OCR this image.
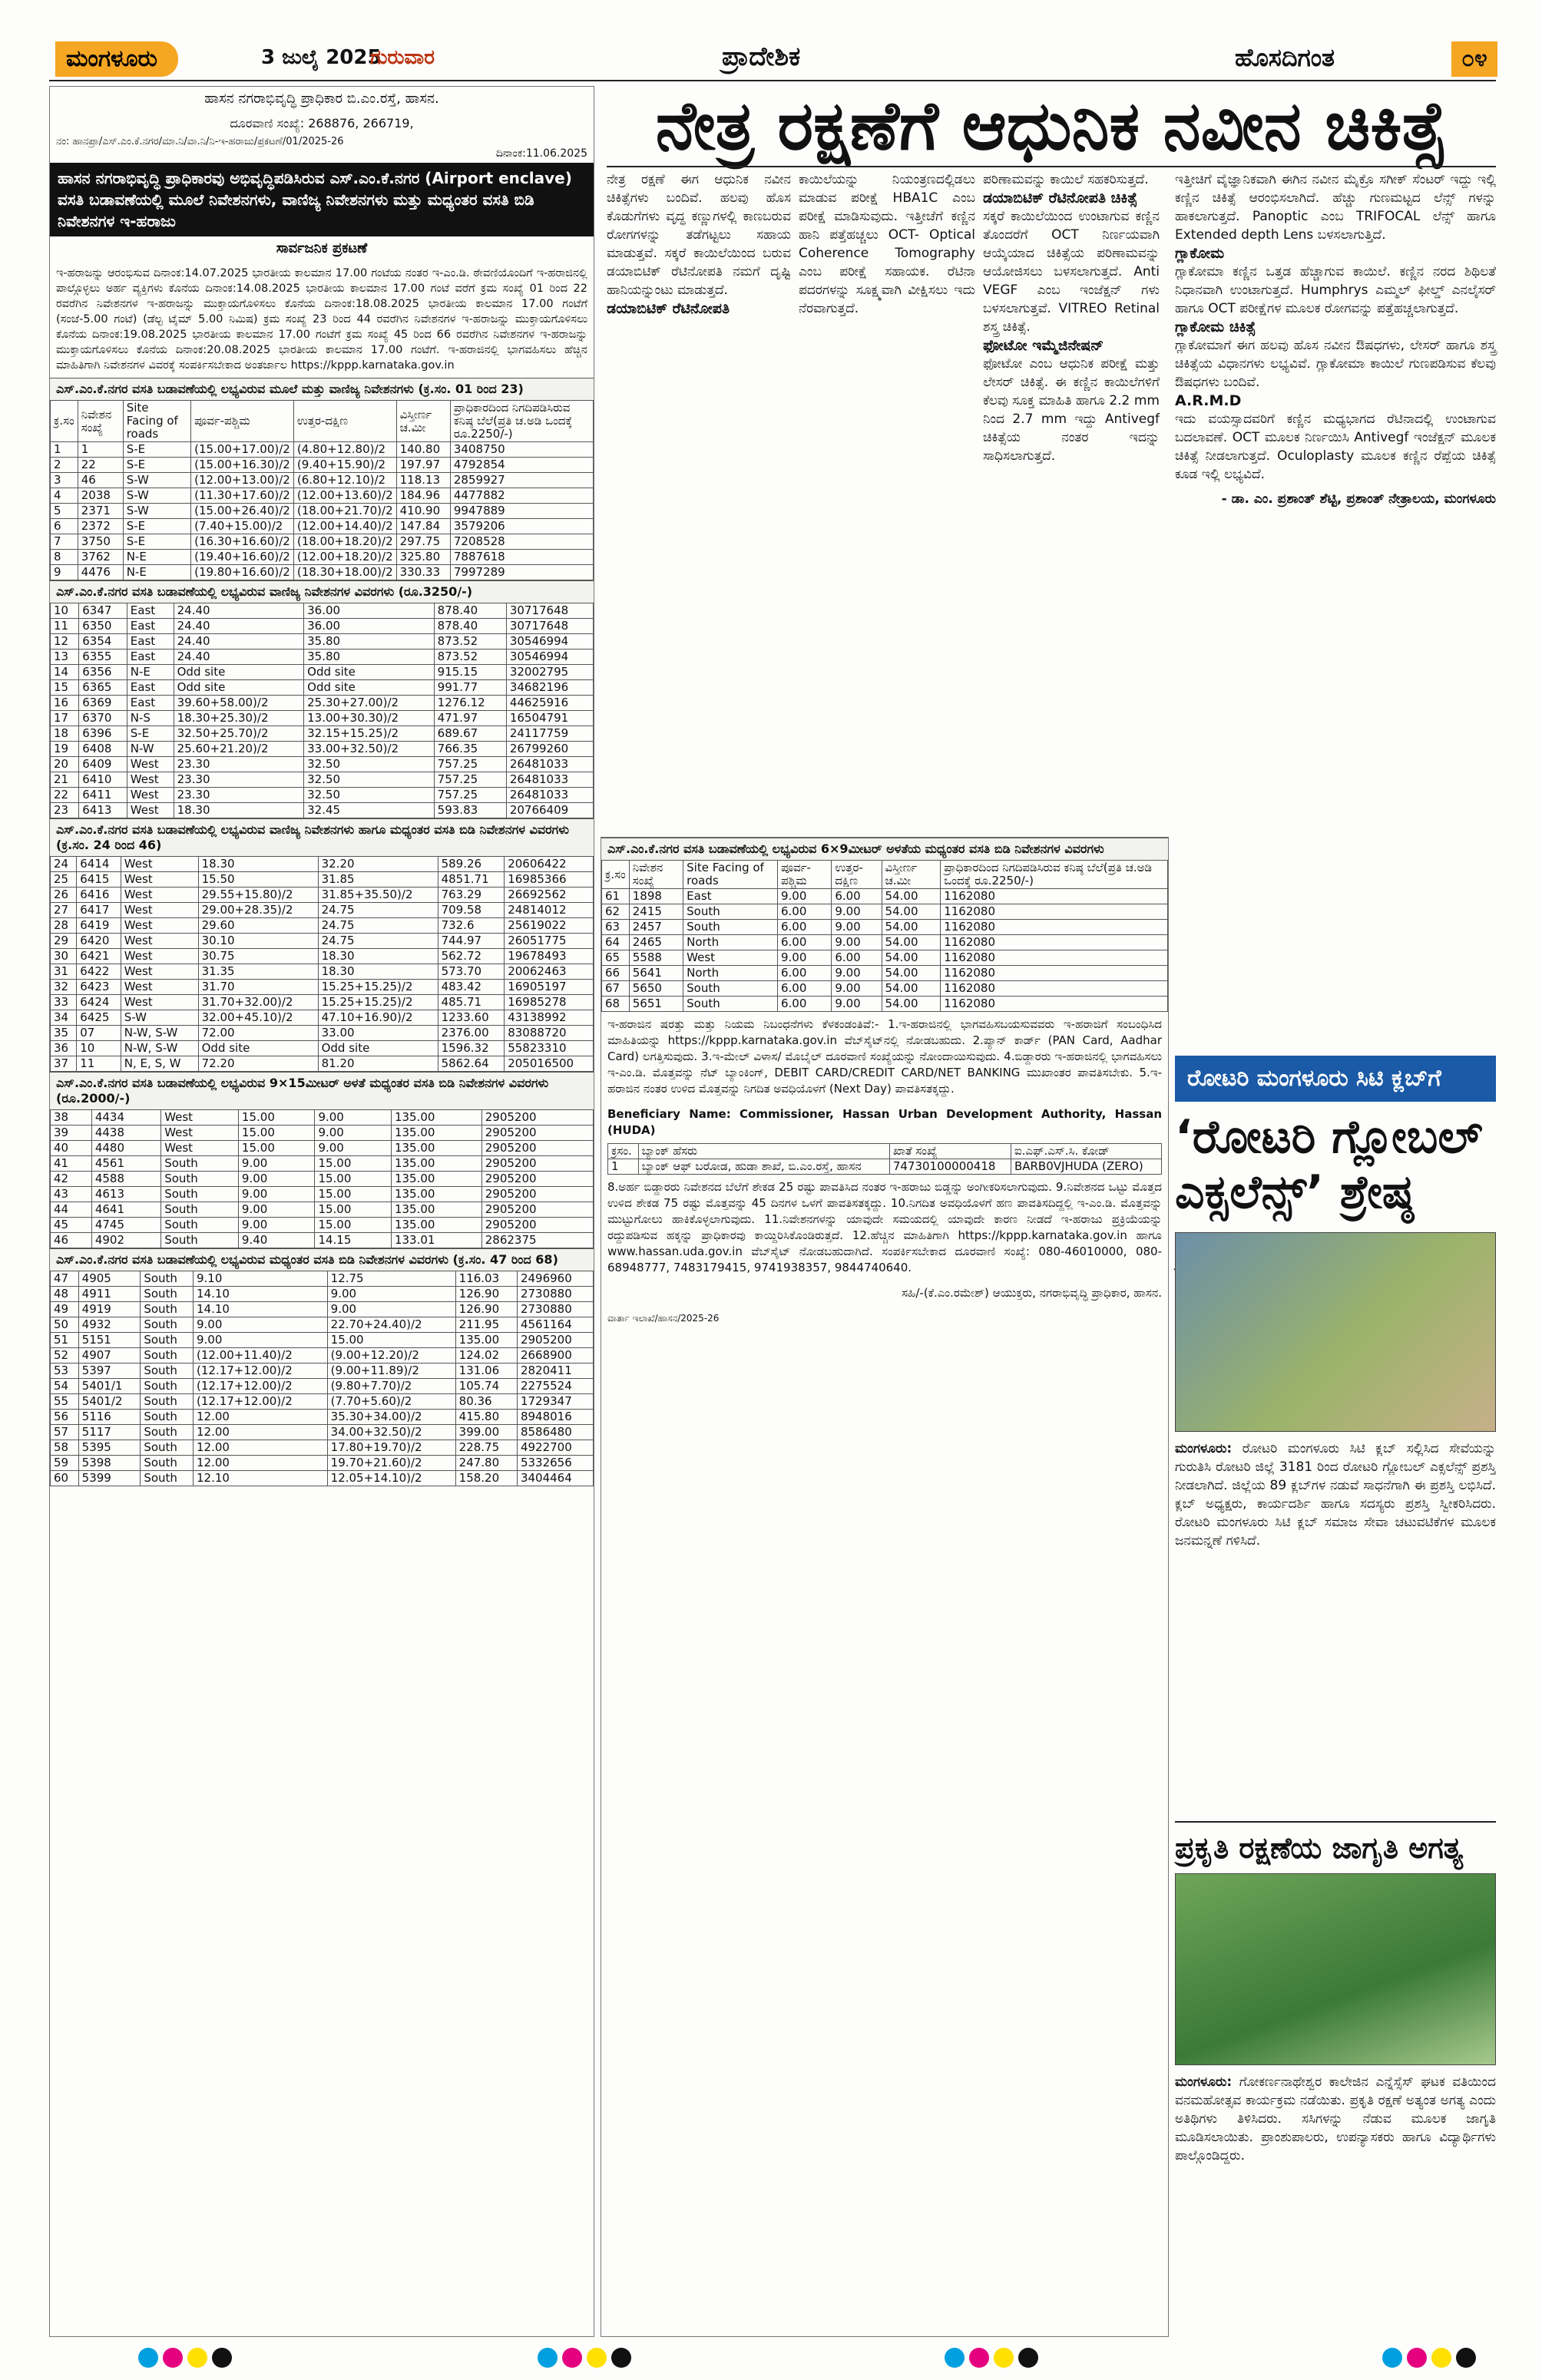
ಮಂಗಳೂರು	3 ಜುಲೈ 2025
ಗುರುವಾರ	ಪ್ರಾದೇಶಿಕ	ಹೊಸದಿಗಂತ	೦೪
ಹಾಸನ ನಗರಾಭಿವೃದ್ಧಿ ಪ್ರಾಧಿಕಾರ ಬಿ.ಎಂ.ರಸ್ತೆ, ಹಾಸನ.
ದೂರವಾಣಿ ಸಂಖ್ಯೆ: 268876, 266719,
ನಂ: ಹಾನಪ್ರಾ/ಎಸ್.ಎಂ.ಕೆ.ನಗರ/ಮಾ.ನಿ/ವಾ.ನಿ/ನಿ-ಇ-ಹರಾಜು/ಪ್ರಕಟಣೆ/01/2025-26
ದಿನಾಂಕ:11.06.2025
ಹಾಸನ ನಗರಾಭಿವೃದ್ಧಿ ಪ್ರಾಧಿಕಾರವು ಅಭಿವೃದ್ಧಿಪಡಿಸಿರುವ ಎಸ್.ಎಂ.ಕೆ.ನಗರ (Airport enclave) ವಸತಿ ಬಡಾವಣೆಯಲ್ಲಿ ಮೂಲೆ ನಿವೇಶನಗಳು, ವಾಣಿಜ್ಯ ನಿವೇಶನಗಳು ಮತ್ತು ಮಧ್ಯಂತರ ವಸತಿ ಬಿಡಿ ನಿವೇಶನಗಳ ಇ-ಹರಾಜು
ಸಾರ್ವಜನಿಕ ಪ್ರಕಟಣೆ
ಇ-ಹರಾಜನ್ನು ಆರಂಭಿಸುವ ದಿನಾಂಕ:14.07.2025 ಭಾರತೀಯ ಕಾಲಮಾನ 17.00 ಗಂಟೆಯ ನಂತರ ಇ-ಎಂ.ಡಿ. ಠೇವಣಿಯೊಂದಿಗೆ ಇ-ಹರಾಜಿನಲ್ಲಿ ಪಾಲ್ಗೊಳ್ಳಲು ಅರ್ಹ ವ್ಯಕ್ತಿಗಳು ಕೊನೆಯ ದಿನಾಂಕ:14.08.2025 ಭಾರತೀಯ ಕಾಲಮಾನ 17.00 ಗಂಟೆ ವರೆಗೆ ಕ್ರಮ ಸಂಖ್ಯೆ 01 ರಿಂದ 22 ರವರೆಗಿನ ನಿವೇಶನಗಳ ಇ-ಹರಾಜನ್ನು ಮುಕ್ತಾಯಗೊಳಿಸಲು ಕೊನೆಯ ದಿನಾಂಕ:18.08.2025 ಭಾರತೀಯ ಕಾಲಮಾನ 17.00 ಗಂಟೆಗೆ (ಸಂಜೆ-5.00 ಗಂಟೆ) (ಡೆಲ್ಟ ಟೈಮ್ 5.00 ನಿಮಿಷ) ಕ್ರಮ ಸಂಖ್ಯೆ 23 ರಿಂದ 44 ರವರೆಗಿನ ನಿವೇಶನಗಳ ಇ-ಹರಾಜನ್ನು ಮುಕ್ತಾಯಗೊಳಿಸಲು ಕೊನೆಯ ದಿನಾಂಕ:19.08.2025 ಭಾರತೀಯ ಕಾಲಮಾನ 17.00 ಗಂಟೆಗೆ ಕ್ರಮ ಸಂಖ್ಯೆ 45 ರಿಂದ 66 ರವರೆಗಿನ ನಿವೇಶನಗಳ ಇ-ಹರಾಜನ್ನು ಮುಕ್ತಾಯಗೊಳಿಸಲು ಕೊನೆಯ ದಿನಾಂಕ:20.08.2025 ಭಾರತೀಯ ಕಾಲಮಾನ 17.00 ಗಂಟೆಗೆ. ಇ-ಹರಾಜಿನಲ್ಲಿ ಭಾಗವಹಿಸಲು ಹೆಚ್ಚಿನ ಮಾಹಿತಿಗಾಗಿ ನಿವೇಶನಗಳ ವಿವರಕ್ಕೆ ಸಂಪರ್ಕಿಸಬೇಕಾದ ಅಂತರ್ಜಾಲ https://kppp.karnataka.gov.in
ಎಸ್.ಎಂ.ಕೆ.ನಗರ ವಸತಿ ಬಡಾವಣೆಯಲ್ಲಿ ಲಭ್ಯವಿರುವ ಮೂಲೆ ಮತ್ತು ವಾಣಿಜ್ಯ ನಿವೇಶನಗಳು (ಕ್ರ.ಸಂ. 01 ರಿಂದ 23)
ಕ್ರ.ಸಂ	ನಿವೇಶನ ಸಂಖ್ಯೆ	Site Facing of roads	ಪೂರ್ವ-ಪಶ್ಚಿಮ	ಉತ್ತರ-ದಕ್ಷಿಣ	ವಿಸ್ತೀರ್ಣ ಚ.ಮೀ	ಪ್ರಾಧಿಕಾರದಿಂದ ನಿಗದಿಪಡಿಸಿರುವ ಕನಿಷ್ಠ ಬೆಲೆ(ಪ್ರತಿ ಚ.ಅಡಿ ಒಂದಕ್ಕೆ ರೂ.2250/-)
1	1	S-E	(15.00+17.00)/2	(4.80+12.80)/2	140.80	3408750
2	22	S-E	(15.00+16.30)/2	(9.40+15.90)/2	197.97	4792854
3	46	S-W	(12.00+13.00)/2	(6.80+12.10)/2	118.13	2859927
4	2038	S-W	(11.30+17.60)/2	(12.00+13.60)/2	184.96	4477882
5	2371	S-W	(15.00+26.40)/2	(18.00+21.70)/2	410.90	9947889
6	2372	S-E	(7.40+15.00)/2	(12.00+14.40)/2	147.84	3579206
7	3750	S-E	(16.30+16.60)/2	(18.00+18.20)/2	297.75	7208528
8	3762	N-E	(19.40+16.60)/2	(12.00+18.20)/2	325.80	7887618
9	4476	N-E	(19.80+16.60)/2	(18.30+18.00)/2	330.33	7997289
ಎಸ್.ಎಂ.ಕೆ.ನಗರ ವಸತಿ ಬಡಾವಣೆಯಲ್ಲಿ ಲಭ್ಯವಿರುವ ವಾಣಿಜ್ಯ ನಿವೇಶನಗಳ ವಿವರಗಳು (ರೂ.3250/-)
10	6347	East	24.40	36.00	878.40	30717648
11	6350	East	24.40	36.00	878.40	30717648
12	6354	East	24.40	35.80	873.52	30546994
13	6355	East	24.40	35.80	873.52	30546994
14	6356	N-E	Odd site	Odd site	915.15	32002795
15	6365	East	Odd site	Odd site	991.77	34682196
16	6369	East	39.60+58.00)/2	25.30+27.00)/2	1276.12	44625916
17	6370	N-S	18.30+25.30)/2	13.00+30.30)/2	471.97	16504791
18	6396	S-E	32.50+25.70)/2	32.15+15.25)/2	689.67	24117759
19	6408	N-W	25.60+21.20)/2	33.00+32.50)/2	766.35	26799260
20	6409	West	23.30	32.50	757.25	26481033
21	6410	West	23.30	32.50	757.25	26481033
22	6411	West	23.30	32.50	757.25	26481033
23	6413	West	18.30	32.45	593.83	20766409
ಎಸ್.ಎಂ.ಕೆ.ನಗರ ವಸತಿ ಬಡಾವಣೆಯಲ್ಲಿ ಲಭ್ಯವಿರುವ ವಾಣಿಜ್ಯ ನಿವೇಶನಗಳು ಹಾಗೂ ಮಧ್ಯಂತರ ವಸತಿ ಬಿಡಿ ನಿವೇಶನಗಳ ವಿವರಗಳು (ಕ್ರ.ಸಂ. 24 ರಿಂದ 46)
24	6414	West	18.30	32.20	589.26	20606422
25	6415	West	15.50	31.85	4851.71	16985366
26	6416	West	29.55+15.80)/2	31.85+35.50)/2	763.29	26692562
27	6417	West	29.00+28.35)/2	24.75	709.58	24814012
28	6419	West	29.60	24.75	732.6	25619022
29	6420	West	30.10	24.75	744.97	26051775
30	6421	West	30.75	18.30	562.72	19678493
31	6422	West	31.35	18.30	573.70	20062463
32	6423	West	31.70	15.25+15.25)/2	483.42	16905197
33	6424	West	31.70+32.00)/2	15.25+15.25)/2	485.71	16985278
34	6425	S-W	32.00+45.10)/2	47.10+16.90)/2	1233.60	43138992
35	07	N-W, S-W	72.00	33.00	2376.00	83088720
36	10	N-W, S-W	Odd site	Odd site	1596.32	55823310
37	11	N, E, S, W	72.20	81.20	5862.64	205016500
ಎಸ್.ಎಂ.ಕೆ.ನಗರ ವಸತಿ ಬಡಾವಣೆಯಲ್ಲಿ ಲಭ್ಯವಿರುವ 9×15ಮೀಟರ್ ಅಳತೆ ಮಧ್ಯಂತರ ವಸತಿ ಬಿಡಿ ನಿವೇಶನಗಳ ವಿವರಗಳು (ರೂ.2000/-)
38	4434	West	15.00	9.00	135.00	2905200
39	4438	West	15.00	9.00	135.00	2905200
40	4480	West	15.00	9.00	135.00	2905200
41	4561	South	9.00	15.00	135.00	2905200
42	4588	South	9.00	15.00	135.00	2905200
43	4613	South	9.00	15.00	135.00	2905200
44	4641	South	9.00	15.00	135.00	2905200
45	4745	South	9.00	15.00	135.00	2905200
46	4902	South	9.40	14.15	133.01	2862375
ಎಸ್.ಎಂ.ಕೆ.ನಗರ ವಸತಿ ಬಡಾವಣೆಯಲ್ಲಿ ಲಭ್ಯವಿರುವ ಮಧ್ಯಂತರ ವಸತಿ ಬಿಡಿ ನಿವೇಶನಗಳ ವಿವರಗಳು (ಕ್ರ.ಸಂ. 47 ರಿಂದ 68)
47	4905	South	9.10	12.75	116.03	2496960
48	4911	South	14.10	9.00	126.90	2730880
49	4919	South	14.10	9.00	126.90	2730880
50	4932	South	9.00	22.70+24.40)/2	211.95	4561164
51	5151	South	9.00	15.00	135.00	2905200
52	4907	South	(12.00+11.40)/2	(9.00+12.20)/2	124.02	2668900
53	5397	South	(12.17+12.00)/2	(9.00+11.89)/2	131.06	2820411
54	5401/1	South	(12.17+12.00)/2	(9.80+7.70)/2	105.74	2275524
55	5401/2	South	(12.17+12.00)/2	(7.70+5.60)/2	80.36	1729347
56	5116	South	12.00	35.30+34.00)/2	415.80	8948016
57	5117	South	12.00	34.00+32.50)/2	399.00	8586480
58	5395	South	12.00	17.80+19.70)/2	228.75	4922700
59	5398	South	12.00	19.70+21.60)/2	247.80	5332656
60	5399	South	12.10	12.05+14.10)/2	158.20	3404464
ನೇತ್ರ ರಕ್ಷಣೆಗೆ ಆಧುನಿಕ ನವೀನ ಚಿಕಿತ್ಸೆ
ನೇತ್ರ ರಕ್ಷಣೆ ಈಗ ಆಧುನಿಕ ನವೀನ ಚಿಕಿತ್ಸೆಗಳು ಬಂದಿವೆ. ಹಲವು ಹೊಸ ಕೊಡುಗೆಗಳು ವೃದ್ಧ ಕಣ್ಣುಗಳಲ್ಲಿ ಕಾಣಬರುವ ರೋಗಗಳನ್ನು ತಡೆಗಟ್ಟಲು ಸಹಾಯ ಮಾಡುತ್ತವೆ. ಸಕ್ಕರೆ ಕಾಯಿಲೆಯಿಂದ ಬರುವ ಡಯಾಬಿಟಿಕ್ ರೆಟಿನೋಪತಿ ನಮಗೆ ದೃಷ್ಟಿ ಹಾನಿಯನ್ನುಂಟು ಮಾಡುತ್ತದೆ.
ಡಯಾಬಿಟಿಕ್ ರೆಟಿನೋಪತಿ
ಕಾಯಿಲೆಯನ್ನು ನಿಯಂತ್ರಣದಲ್ಲಿಡಲು ಮಾಡುವ ಪರೀಕ್ಷೆ HBA1C ಎಂಬ ಪರೀಕ್ಷೆ ಮಾಡಿಸುವುದು. ಇತ್ತೀಚೆಗೆ ಕಣ್ಣಿನ ಹಾನಿ ಪತ್ತೆಹಚ್ಚಲು OCT- Optical Coherence Tomography ಎಂಬ ಪರೀಕ್ಷೆ ಸಹಾಯಕ. ರೆಟಿನಾ ಪದರಗಳನ್ನು ಸೂಕ್ಷ್ಮವಾಗಿ ವೀಕ್ಷಿಸಲು ಇದು ನೆರವಾಗುತ್ತದೆ.
ಪರಿಣಾಮವನ್ನು ಕಾಯಿಲೆ ಸಹಕರಿಸುತ್ತದೆ.
ಡಯಾಬಿಟಿಕ್ ರೆಟಿನೋಪತಿ ಚಿಕಿತ್ಸೆ
ಸಕ್ಕರೆ ಕಾಯಿಲೆಯಿಂದ ಉಂಟಾಗುವ ಕಣ್ಣಿನ ತೊಂದರೆಗೆ OCT ನಿರ್ಣಯವಾಗಿ ಆಯ್ಕೆಯಾದ ಚಿಕಿತ್ಸೆಯ ಪರಿಣಾಮವನ್ನು ಆಯೋಜಿಸಲು ಬಳಸಲಾಗುತ್ತದೆ. Anti VEGF ಎಂಬ ಇಂಜೆಕ್ಷನ್ ಗಳು ಬಳಸಲಾಗುತ್ತವೆ. VITREO Retinal ಶಸ್ತ್ರ ಚಿಕಿತ್ಸೆ.
ಫೋಟೋ ಇಮ್ಮೆಜಿನೇಷನ್
ಫೋಟೋ ಎಂಬ ಆಧುನಿಕ ಪರೀಕ್ಷೆ ಮತ್ತು ಲೇಸರ್ ಚಿಕಿತ್ಸೆ. ಈ ಕಣ್ಣಿನ ಕಾಯಿಲೆಗಳಿಗೆ ಕೆಲವು ಸೂಕ್ತ ಮಾಹಿತಿ ಹಾಗೂ 2.2 mm ನಿಂದ 2.7 mm ಇದ್ದು Antivegf ಚಿಕಿತ್ಸೆಯ ನಂತರ ಇದನ್ನು ಸಾಧಿಸಲಾಗುತ್ತದೆ.
ಇತ್ತೀಚಿಗೆ ವೈಜ್ಞಾನಿಕವಾಗಿ ಈಗಿನ ನವೀನ ಮೈಕ್ರೊ ಸಗೀಕ್ ಸೆಂಟರ್ ಇದ್ದು ಇಲ್ಲಿ ಕಣ್ಣಿನ ಚಿಕಿತ್ಸೆ ಆರಂಭಿಸಲಾಗಿದೆ. ಹೆಚ್ಚು ಗುಣಮಟ್ಟದ ಲೆನ್ಸ್ ಗಳನ್ನು ಹಾಕಲಾಗುತ್ತದೆ. Panoptic ಎಂಬ TRIFOCAL ಲೆನ್ಸ್ ಹಾಗೂ Extended depth Lens ಬಳಸಲಾಗುತ್ತಿದೆ.
ಗ್ಲಾಕೋಮ
ಗ್ಲಾಕೋಮಾ ಕಣ್ಣಿನ ಒತ್ತಡ ಹೆಚ್ಚಾಗುವ ಕಾಯಿಲೆ. ಕಣ್ಣಿನ ನರದ ಶಿಥಿಲತೆ ನಿಧಾನವಾಗಿ ಉಂಟಾಗುತ್ತದೆ. Humphrys ಎಮ್ಮಲ್ ಫೀಲ್ಡ್ ಎನಲೈಸರ್ ಹಾಗೂ OCT ಪರೀಕ್ಷೆಗಳ ಮೂಲಕ ರೋಗವನ್ನು ಪತ್ತೆಹಚ್ಚಲಾಗುತ್ತದೆ.
ಗ್ಲಾಕೋಮ ಚಿಕಿತ್ಸೆ
ಗ್ಲಾಕೋಮಾಗೆ ಈಗ ಹಲವು ಹೊಸ ನವೀನ ಔಷಧಗಳು, ಲೇಸರ್ ಹಾಗೂ ಶಸ್ತ್ರ ಚಿಕಿತ್ಸೆಯ ವಿಧಾನಗಳು ಲಭ್ಯವಿವೆ. ಗ್ಲಾಕೋಮಾ ಕಾಯಿಲೆ ಗುಣಪಡಿಸುವ ಕೆಲವು ಔಷಧಗಳು ಬಂದಿವೆ.
A.R.M.D
ಇದು ವಯಸ್ಸಾದವರಿಗೆ ಕಣ್ಣಿನ ಮಧ್ಯಭಾಗದ ರೆಟಿನಾದಲ್ಲಿ ಉಂಟಾಗುವ ಬದಲಾವಣೆ. OCT ಮೂಲಕ ನಿರ್ಣಯಿಸಿ Antivegf ಇಂಜೆಕ್ಷನ್ ಮೂಲಕ ಚಿಕಿತ್ಸೆ ನೀಡಲಾಗುತ್ತದೆ. Oculoplasty ಮೂಲಕ ಕಣ್ಣಿನ ರೆಪ್ಪೆಯ ಚಿಕಿತ್ಸೆ ಕೂಡ ಇಲ್ಲಿ ಲಭ್ಯವಿದೆ.
- ಡಾ. ಎಂ. ಪ್ರಶಾಂತ್ ಶೆಟ್ಟಿ, ಪ್ರಶಾಂತ್ ನೇತ್ರಾಲಯ, ಮಂಗಳೂರು
ಎಸ್.ಎಂ.ಕೆ.ನಗರ ವಸತಿ ಬಡಾವಣೆಯಲ್ಲಿ ಲಭ್ಯವಿರುವ 6×9ಮೀಟರ್ ಅಳತೆಯ ಮಧ್ಯಂತರ ವಸತಿ ಬಿಡಿ ನಿವೇಶನಗಳ ವಿವರಗಳು
ಕ್ರ.ಸಂ	ನಿವೇಶನ ಸಂಖ್ಯೆ	Site Facing of roads	ಪೂರ್ವ-ಪಶ್ಚಿಮ	ಉತ್ತರ-ದಕ್ಷಿಣ	ವಿಸ್ತೀರ್ಣ ಚ.ಮೀ	ಪ್ರಾಧಿಕಾರದಿಂದ ನಿಗದಿಪಡಿಸಿರುವ ಕನಿಷ್ಠ ಬೆಲೆ(ಪ್ರತಿ ಚ.ಅಡಿ ಒಂದಕ್ಕೆ ರೂ.2250/-)
61	1898	East	9.00	6.00	54.00	1162080
62	2415	South	6.00	9.00	54.00	1162080
63	2457	South	6.00	9.00	54.00	1162080
64	2465	North	6.00	9.00	54.00	1162080
65	5588	West	9.00	6.00	54.00	1162080
66	5641	North	6.00	9.00	54.00	1162080
67	5650	South	6.00	9.00	54.00	1162080
68	5651	South	6.00	9.00	54.00	1162080
ಇ-ಹರಾಜಿನ ಷರತ್ತು ಮತ್ತು ನಿಯಮ ನಿಬಂಧನೆಗಳು ಕೆಳಕಂಡಂತಿವೆ:- 1.ಇ-ಹರಾಜಿನಲ್ಲಿ ಭಾಗವಹಿಸಬಯಸುವವರು ಇ-ಹರಾಜಿಗೆ ಸಂಬಂಧಿಸಿದ ಮಾಹಿತಿಯನ್ನು https://kppp.karnataka.gov.in ವೆಬ್‌ಸೈಟ್‌ನಲ್ಲಿ ನೋಡಬಹುದು. 2.ಪ್ಯಾನ್ ಕಾರ್ಡ್ (PAN Card, Aadhar Card) ಲಗತ್ತಿಸುವುದು. 3.ಇ-ಮೇಲ್ ವಿಳಾಸ/ ಮೊಬೈಲ್ ದೂರವಾಣಿ ಸಂಖ್ಯೆಯನ್ನು ನೋಂದಾಯಿಸುವುದು. 4.ಬಿಡ್ದಾರರು ಇ-ಹರಾಜಿನಲ್ಲಿ ಭಾಗವಹಿಸಲು ಇ-ಎಂ.ಡಿ. ಮೊತ್ತವನ್ನು ನೆಟ್ ಬ್ಯಾಂಕಿಂಗ್, DEBIT CARD/CREDIT CARD/NET BANKING ಮುಖಾಂತರ ಪಾವತಿಸಬೇಕು. 5.ಇ-ಹರಾಜಿನ ನಂತರ ಉಳಿದ ಮೊತ್ತವನ್ನು ನಿಗದಿತ ಅವಧಿಯೊಳಗೆ (Next Day) ಪಾವತಿಸತಕ್ಕದ್ದು.
Beneficiary Name: Commissioner, Hassan Urban Development Authority, Hassan (HUDA)
ಕ್ರಸಂ.	ಬ್ಯಾಂಕ್ ಹೆಸರು	ಖಾತೆ ಸಂಖ್ಯೆ	ಐ.ಎಫ್.ಎಸ್.ಸಿ. ಕೋಡ್
1	ಬ್ಯಾಂಕ್ ಆಫ್ ಬರೋಡ, ಹುಡಾ ಶಾಖೆ, ಬಿ.ಎಂ.ರಸ್ತೆ, ಹಾಸನ	74730100000418	BARB0VJHUDA (ZERO)
8.ಅರ್ಹ ಬಿಡ್ದಾರರು ನಿವೇಶನದ ಬೆಲೆಗೆ ಶೇಕಡ 25 ರಷ್ಟು ಪಾವತಿಸಿದ ನಂತರ ಇ-ಹರಾಜು ಬಿಡ್ಡನ್ನು ಅಂಗೀಕರಿಸಲಾಗುವುದು. 9.ನಿವೇಶನದ ಒಟ್ಟು ಮೊತ್ತದ ಉಳಿದ ಶೇಕಡ 75 ರಷ್ಟು ಮೊತ್ತವನ್ನು 45 ದಿನಗಳ ಒಳಗೆ ಪಾವತಿಸತಕ್ಕದ್ದು. 10.ನಿಗದಿತ ಅವಧಿಯೊಳಗೆ ಹಣ ಪಾವತಿಸದಿದ್ದಲ್ಲಿ ಇ-ಎಂ.ಡಿ. ಮೊತ್ತವನ್ನು ಮುಟ್ಟುಗೋಲು ಹಾಕಿಕೊಳ್ಳಲಾಗುವುದು. 11.ನಿವೇಶನಗಳನ್ನು ಯಾವುದೇ ಸಮಯದಲ್ಲಿ ಯಾವುದೇ ಕಾರಣ ನೀಡದೆ ಇ-ಹರಾಜು ಪ್ರಕ್ರಿಯೆಯನ್ನು ರದ್ದುಪಡಿಸುವ ಹಕ್ಕನ್ನು ಪ್ರಾಧಿಕಾರವು ಕಾಯ್ದಿರಿಸಿಕೊಂಡಿರುತ್ತದೆ. 12.ಹೆಚ್ಚಿನ ಮಾಹಿತಿಗಾಗಿ https://kppp.karnataka.gov.in ಹಾಗೂ www.hassan.uda.gov.in ವೆಬ್‌ಸೈಟ್ ನೋಡಬಹುದಾಗಿದೆ. ಸಂಪರ್ಕಿಸಬೇಕಾದ ದೂರವಾಣಿ ಸಂಖ್ಯೆ: 080-46010000, 080-68948777, 7483179415, 9741938357, 9844740640.
ಸಹಿ/-(ಕೆ.ಎಂ.ರಮೇಶ್) ಆಯುಕ್ತರು, ನಗರಾಭಿವೃದ್ಧಿ ಪ್ರಾಧಿಕಾರ, ಹಾಸನ.
ವಾರ್ತಾ ಇಲಾಖೆ/ಹಾಸನ/2025-26
ರೋಟರಿ ಮಂಗಳೂರು ಸಿಟಿ ಕ್ಲಬ್‌ಗೆ
‘ರೋಟರಿ ಗ್ಲೋಬಲ್ ಎಕ್ಸಲೆನ್ಸ್’ ಶ್ರೇಷ್ಠ
ಮಂಗಳೂರು: ರೋಟರಿ ಮಂಗಳೂರು ಸಿಟಿ ಕ್ಲಬ್ ಸಲ್ಲಿಸಿದ ಸೇವೆಯನ್ನು ಗುರುತಿಸಿ ರೋಟರಿ ಜಿಲ್ಲೆ 3181 ರಿಂದ ರೋಟರಿ ಗ್ಲೋಬಲ್ ಎಕ್ಸಲೆನ್ಸ್ ಪ್ರಶಸ್ತಿ ನೀಡಲಾಗಿದೆ. ಜಿಲ್ಲೆಯ 89 ಕ್ಲಬ್‌ಗಳ ನಡುವೆ ಸಾಧನೆಗಾಗಿ ಈ ಪ್ರಶಸ್ತಿ ಲಭಿಸಿದೆ. ಕ್ಲಬ್ ಅಧ್ಯಕ್ಷರು, ಕಾರ್ಯದರ್ಶಿ ಹಾಗೂ ಸದಸ್ಯರು ಪ್ರಶಸ್ತಿ ಸ್ವೀಕರಿಸಿದರು. ರೋಟರಿ ಮಂಗಳೂರು ಸಿಟಿ ಕ್ಲಬ್ ಸಮಾಜ ಸೇವಾ ಚಟುವಟಿಕೆಗಳ ಮೂಲಕ ಜನಮನ್ನಣೆ ಗಳಿಸಿದೆ.
ಪ್ರಕೃತಿ ರಕ್ಷಣೆಯ ಜಾಗೃತಿ ಅಗತ್ಯ
ಮಂಗಳೂರು: ಗೋಕರ್ಣನಾಥೇಶ್ವರ ಕಾಲೇಜಿನ ಎನ್ನೆಸ್ಸೆಸ್ ಘಟಕ ವತಿಯಿಂದ ವನಮಹೋತ್ಸವ ಕಾರ್ಯಕ್ರಮ ನಡೆಯಿತು. ಪ್ರಕೃತಿ ರಕ್ಷಣೆ ಅತ್ಯಂತ ಅಗತ್ಯ ಎಂದು ಅತಿಥಿಗಳು ತಿಳಿಸಿದರು. ಸಸಿಗಳನ್ನು ನೆಡುವ ಮೂಲಕ ಜಾಗೃತಿ ಮೂಡಿಸಲಾಯಿತು. ಪ್ರಾಂಶುಪಾಲರು, ಉಪನ್ಯಾಸಕರು ಹಾಗೂ ವಿದ್ಯಾರ್ಥಿಗಳು ಪಾಲ್ಗೊಂಡಿದ್ದರು.
